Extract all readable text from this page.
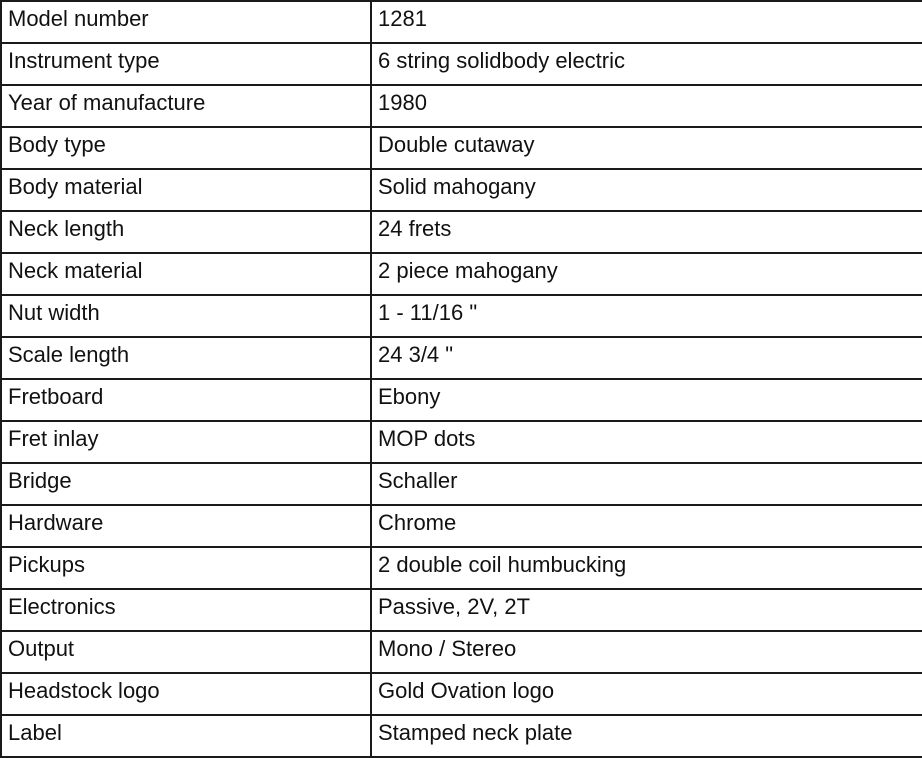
Model number	1281
Instrument type	6 string solidbody electric
Year of manufacture	1980
Body type	Double cutaway
Body material	Solid mahogany
Neck length	24 frets
Neck material	2 piece mahogany
Nut width	1 - 11/16 "
Scale length	24 3/4 "
Fretboard	Ebony
Fret inlay	MOP dots
Bridge	Schaller
Hardware	Chrome
Pickups	2 double coil humbucking
Electronics	Passive, 2V, 2T
Output	Mono / Stereo
Headstock logo	Gold Ovation logo
Label	Stamped neck plate
